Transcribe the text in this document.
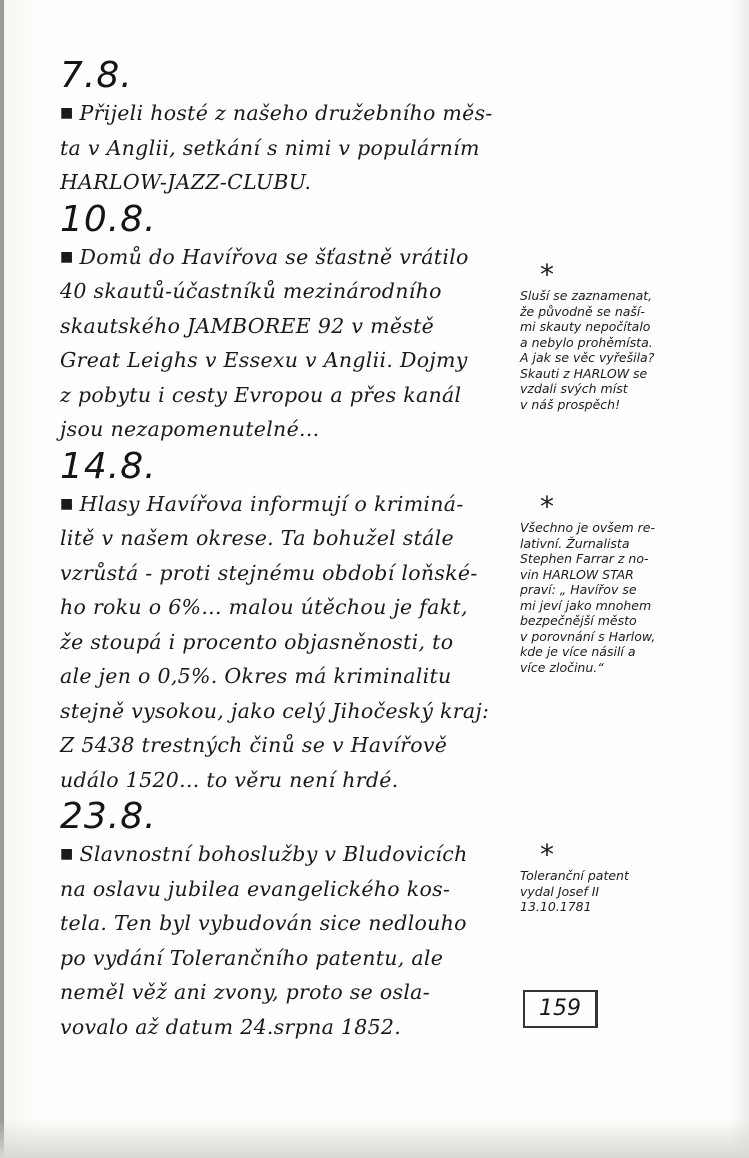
7.8.

■ Přijeli hosté z našeho družebního měs-
ta v Anglii, setkání s nimi v populárním
HARLOW-JAZZ-CLUBU.

10.8.

■ Domů do Havířova se šťastně vrátilo
40 skautů-účastníků mezinárodního
skautského JAMBOREE 92 v městě
Great Leighs v Essexu v Anglii. Dojmy
z pobytu i cesty Evropou a přes kanál
jsou nezapomenutelné...

14.8.

■ Hlasy Havířova informují o kriminá-
litě v našem okrese. Ta bohužel stále
vzrůstá - proti stejnému období loňské-
ho roku o 6%... malou útěchou je fakt,
že stoupá i procento objasněnosti, to
ale jen o 0,5%. Okres má kriminalitu
stejně vysokou, jako celý Jihočeský kraj:
Z 5438 trestných činů se v Havířově
událo 1520... to věru není hrdé.

23.8.

■ Slavnostní bohoslužby v Bludovicích
na oslavu jubilea evangelického kos-
tela. Ten byl vybudován sice nedlouho
po vydání Tolerančního patentu, ale
neměl věž ani zvony, proto se osla-
vovalo až datum 24.srpna 1852.

*
Sluší se zaznamenat,
že původně se naší-
mi skauty nepočítalo
a nebylo prohěmísta.
A jak se věc vyřešila?
Skauti z HARLOW se
vzdali svých míst
v náš prospěch!
*
Všechno je ovšem re-
lativní. Žurnalista
Stephen Farrar z no-
vin HARLOW STAR
praví: „ Havířov se
mi jeví jako mnohem
bezpečnější město
v porovnání s Harlow,
kde je více násilí a
více zločinu.“
*
Toleranční patent
vydal Josef II
13.10.1781
159
